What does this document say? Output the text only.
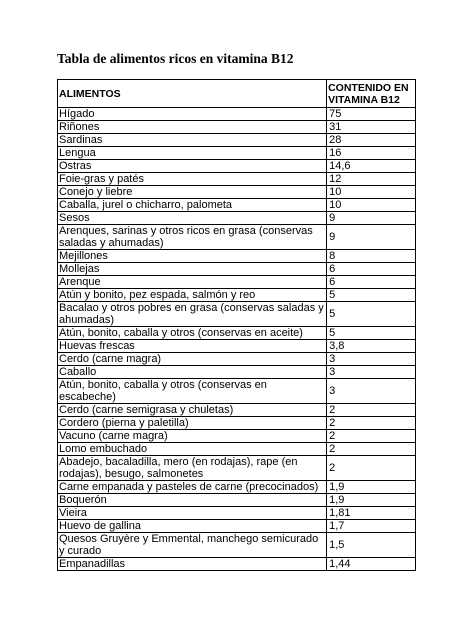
Tabla de alimentos ricos en vitamina B12
ALIMENTOS	CONTENIDO EN VITAMINA B12
Hígado	75
Riñones	31
Sardinas	28
Lengua	16
Ostras	14,6
Foie-gras y patés	12
Conejo y liebre	10
Caballa, jurel o chicharro, palometa	10
Sesos	9
Arenques, sarinas y otros ricos en grasa (conservas saladas y ahumadas)	9
Mejillones	8
Mollejas	6
Arenque	6
Atún y bonito, pez espada, salmón y reo	5
Bacalao y otros pobres en grasa (conservas saladas y ahumadas)	5
Atún, bonito, caballa y otros (conservas en aceite)	5
Huevas frescas	3,8
Cerdo (carne magra)	3
Caballo	3
Atún, bonito, caballa y otros (conservas en escabeche)	3
Cerdo (carne semigrasa y chuletas)	2
Cordero (pierna y paletilla)	2
Vacuno (carne magra)	2
Lomo embuchado	2
Abadejo, bacaladilla, mero (en rodajas), rape (en rodajas), besugo, salmonetes	2
Carne empanada y pasteles de carne (precocinados)	1,9
Boquerón	1,9
Vieira	1,81
Huevo de gallina	1,7
Quesos Gruyère y Emmental, manchego semicurado y curado	1,5
Empanadillas	1,44
